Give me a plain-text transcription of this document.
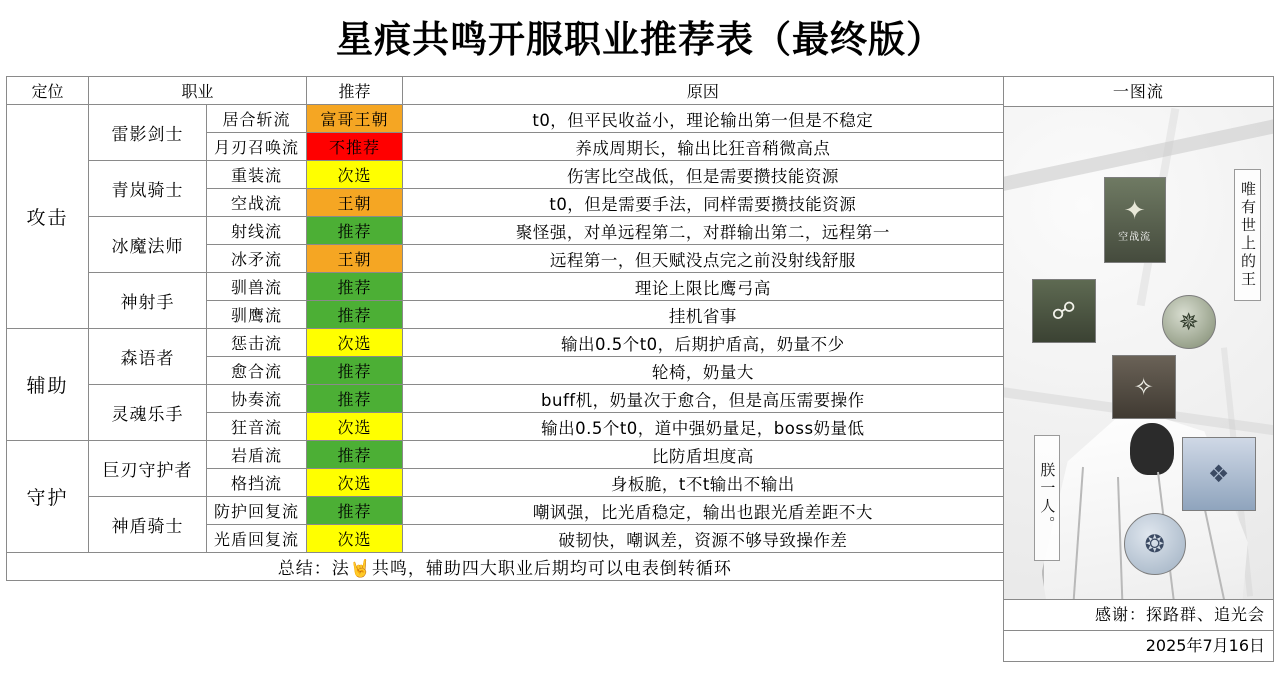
星痕共鸣开服职业推荐表（最终版）
定位	职业		推荐	原因
攻击	雷影剑士	居合斩流	富哥王朝	t0，但平民收益小，理论输出第一但是不稳定
		月刃召唤流	不推荐	养成周期长，输出比狂音稍微高点
	青岚骑士	重装流	次选	伤害比空战低，但是需要攒技能资源
		空战流	王朝	t0，但是需要手法，同样需要攒技能资源
	冰魔法师	射线流	推荐	聚怪强，对单远程第二，对群输出第二，远程第一
		冰矛流	王朝	远程第一，但天赋没点完之前没射线舒服
	神射手	驯兽流	推荐	理论上限比鹰弓高
		驯鹰流	推荐	挂机省事
辅助	森语者	惩击流	次选	输出0.5个t0，后期护盾高，奶量不少
		愈合流	推荐	轮椅，奶量大
	灵魂乐手	协奏流	推荐	buff机，奶量次于愈合，但是高压需要操作
		狂音流	次选	输出0.5个t0，道中强奶量足，boss奶量低
守护	巨刃守护者	岩盾流	推荐	比防盾坦度高
		格挡流	次选	身板脆，t不t输出不输出
	神盾骑士	防护回复流	推荐	嘲讽强，比光盾稳定，输出也跟光盾差距不大
		光盾回复流	次选	破韧快，嘲讽差，资源不够导致操作差
总结：法🤘共鸣，辅助四大职业后期均可以电表倒转循环				
一图流
唯有世上的王
朕一人。
✦
空战流
☍
✧
❖
❂
✵
感谢：探路群、追光会
2025年7月16日
